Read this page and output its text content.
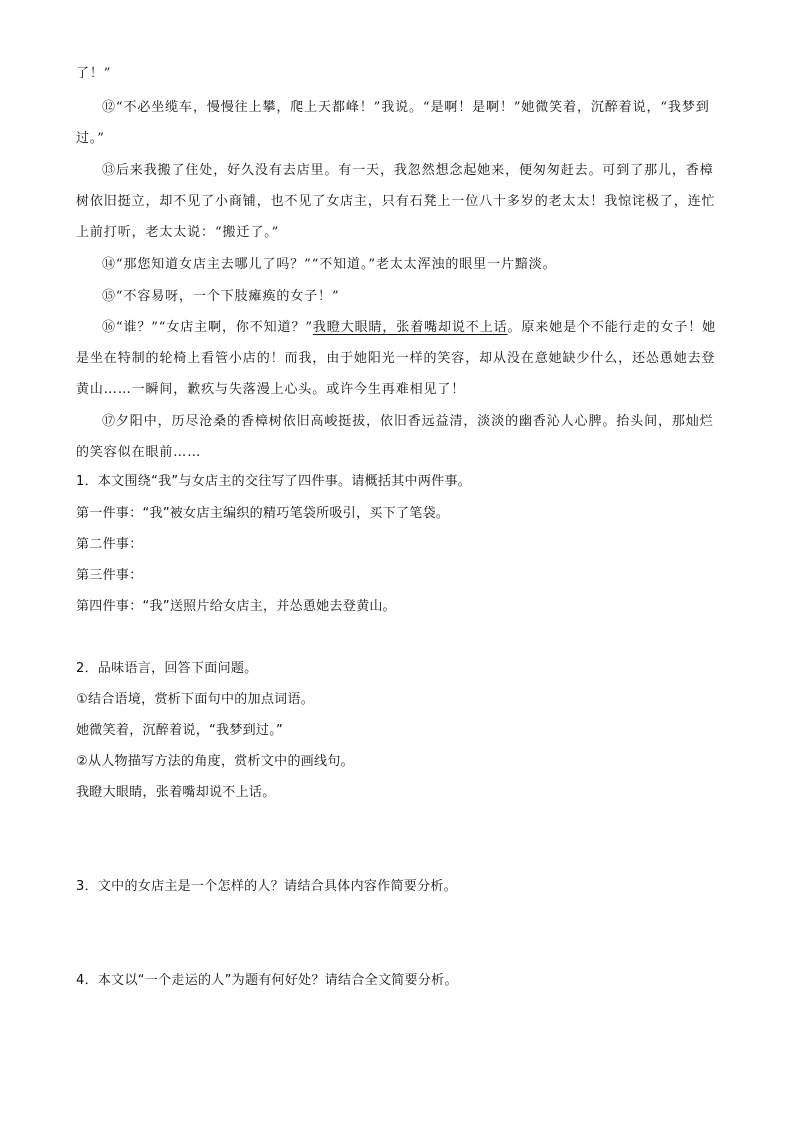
了！”

⑫“不必坐缆车，慢慢往上攀，爬上天都峰！”我说。“是啊！是啊！”她微笑着，沉醉着说，“我梦到过。”

⑬后来我搬了住处，好久没有去店里。有一天，我忽然想念起她来，便匆匆赶去。可到了那儿，香樟树依旧挺立，却不见了小商铺，也不见了女店主，只有石凳上一位八十多岁的老太太！我惊诧极了，连忙上前打听，老太太说：“搬迁了。”

⑭“那您知道女店主去哪儿了吗？”“不知道。”老太太浑浊的眼里一片黯淡。

⑮“不容易呀，一个下肢瘫痪的女子！”

⑯“谁？”“女店主啊，你不知道？”我瞪大眼睛，张着嘴却说不上话。原来她是个不能行走的女子！她是坐在特制的轮椅上看管小店的！而我，由于她阳光一样的笑容，却从没在意她缺少什么，还怂恿她去登黄山……一瞬间，歉疚与失落漫上心头。或许今生再难相见了！

⑰夕阳中，历尽沧桑的香樟树依旧高峻挺拔，依旧香远益清，淡淡的幽香沁人心脾。抬头间，那灿烂的笑容似在眼前……

1．本文围绕“我”与女店主的交往写了四件事。请概括其中两件事。

第一件事：“我”被女店主编织的精巧笔袋所吸引，买下了笔袋。

第二件事：

第三件事：

第四件事：“我”送照片给女店主，并怂恿她去登黄山。

2．品味语言，回答下面问题。

①结合语境，赏析下面句中的加点词语。

她微笑着，沉醉着说，“我梦到过。”

②从人物描写方法的角度，赏析文中的画线句。

我瞪大眼睛，张着嘴却说不上话。

3．文中的女店主是一个怎样的人？请结合具体内容作简要分析。

4．本文以“一个走运的人”为题有何好处？请结合全文简要分析。
